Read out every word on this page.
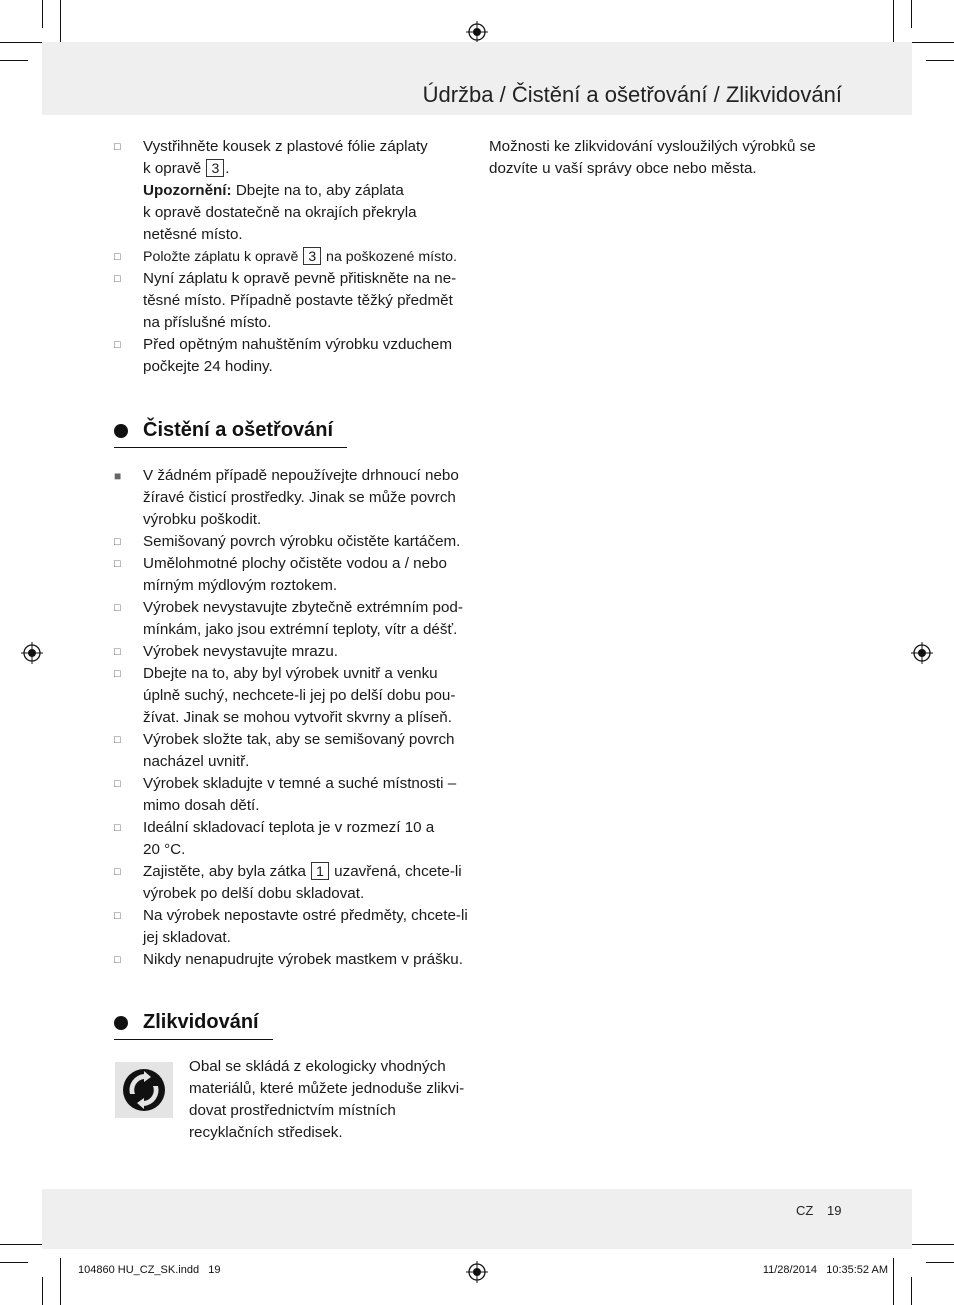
Údržba / Čistění a ošetřování / Zlikvidování
□	Vystřihněte kousek z plastové fólie záplaty
k opravě 3 .
Upozornění: Dbejte na to, aby záplata
k opravě dostatečně na okrajích překryla
netěsné místo.
□	Položte záplatu k opravě 3 na poškozené místo.
□	Nyní záplatu k opravě pevně přitiskněte na ne-
těsné místo. Případně postavte těžký předmět
na příslušné místo.
□	Před opětným nahuštěním výrobku vzduchem
počkejte 24 hodiny.
Čistění a ošetřování
■	V žádném případě nepoužívejte drhnoucí nebo
žíravé čisticí prostředky. Jinak se může povrch
výrobku poškodit.
□	Semišovaný povrch výrobku očistěte kartáčem.
□	Umělohmotné plochy očistěte vodou a / nebo
mírným mýdlovým roztokem.
□	Výrobek nevystavujte zbytečně extrémním pod-
mínkám, jako jsou extrémní teploty, vítr a déšť.
□	Výrobek nevystavujte mrazu.
□	Dbejte na to, aby byl výrobek uvnitř a venku
úplně suchý, nechcete-li jej po delší dobu pou-
žívat. Jinak se mohou vytvořit skvrny a plíseň.
□	Výrobek složte tak, aby se semišovaný povrch
nacházel uvnitř.
□	Výrobek skladujte v temné a suché místnosti –
mimo dosah dětí.
□	Ideální skladovací teplota je v rozmezí 10 a
20 °C.
□	Zajistěte, aby byla zátka 1 uzavřená, chcete-li
výrobek po delší dobu skladovat.
□	Na výrobek nepostavte ostré předměty, chcete-li
jej skladovat.
□	Nikdy nenapudrujte výrobek mastkem v prášku.
Zlikvidování
Obal se skládá z ekologicky vhodných
materiálů, které můžete jednoduše zlikvi-
dovat prostřednictvím místních
recyklačních středisek.
Možnosti ke zlikvidování vysloužilých výrobků se
dozvíte u vaší správy obce nebo města.
CZ 19
104860 HU_CZ_SK.indd   19	11/28/2014   10:35:52 AM
